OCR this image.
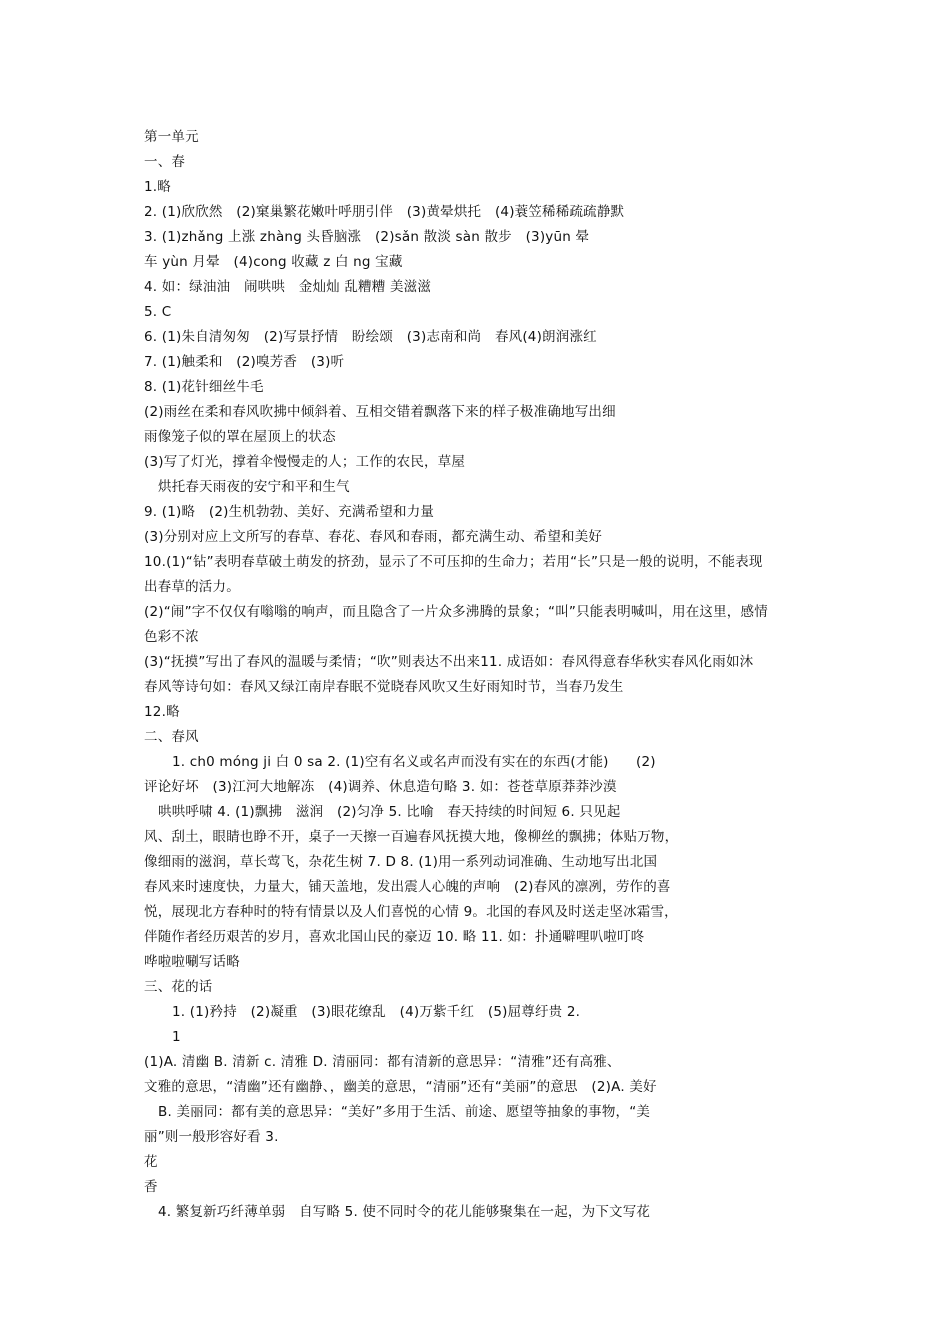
第一单元
一、春
1.略
2. (1)欣欣然　(2)窠巢繁花嫩叶呼朋引伴　(3)黄晕烘托　(4)蓑笠稀稀疏疏静默
3. (1)zhǎng 上涨 zhàng 头昏脑涨　(2)sǎn 散淡 sàn 散步　(3)yūn 晕
车 yùn 月晕　(4)cong 收藏 z 白 ng 宝藏
4. 如：绿油油　闹哄哄　金灿灿 乱糟糟 美滋滋
5. C
6. (1)朱自清匆匆　(2)写景抒情　盼绘颂　(3)志南和尚　春风(4)朗润涨红
7. (1)触柔和　(2)嗅芳香　(3)听
8. (1)花针细丝牛毛
(2)雨丝在柔和春风吹拂中倾斜着、互相交错着飘落下来的样子极准确地写出细
雨像笼子似的罩在屋顶上的状态
(3)写了灯光，撑着伞慢慢走的人；工作的农民，草屋
烘托春天雨夜的安宁和平和生气
9. (1)略　(2)生机勃勃、美好、充满希望和力量
(3)分别对应上文所写的春草、春花、春风和春雨，都充满生动、希望和美好
10.(1)“钻”表明春草破土萌发的挤劲，显示了不可压抑的生命力；若用“长”只是一般的说明，不能表现
出春草的活力。
(2)“闹”字不仅仅有嗡嗡的响声，而且隐含了一片众多沸腾的景象；“叫”只能表明喊叫，用在这里，感情
色彩不浓
(3)“抚摸”写出了春风的温暖与柔情；“吹”则表达不出来11. 成语如：春风得意春华秋实春风化雨如沐
春风等诗句如：春风又绿江南岸春眠不觉晓春风吹又生好雨知时节，当春乃发生
12.略
二、春风
1. ch0 móng ji 白 0 sa 2. (1)空有名义或名声而没有实在的东西(才能)　　(2)
评论好坏　(3)江河大地解冻　(4)调养、休息造句略 3. 如：苍苍草原莽莽沙漠
哄哄呼啸 4. (1)飘拂　滋润　(2)匀净 5. 比喻　春天持续的时间短 6. 只见起
风、刮土，眼睛也睁不开，桌子一天擦一百遍春风抚摸大地，像柳丝的飘拂；体贴万物，
像细雨的滋润，草长莺飞，杂花生树 7. D 8. (1)用一系列动词准确、生动地写出北国
春风来时速度快，力量大，铺天盖地，发出震人心魄的声响　(2)春风的凛冽，劳作的喜
悦，展现北方春种时的特有情景以及人们喜悦的心情 9。北国的春风及时送走坚冰霜雪，
伴随作者经历艰苦的岁月，喜欢北国山民的豪迈 10. 略 11. 如：扑通噼哩叭啦叮咚
哗啦啦唰写话略
三、花的话
1. (1)矜持　(2)凝重　(3)眼花缭乱　(4)万紫千红　(5)屈尊纡贵 2.
1
(1)A. 清幽 B. 清新 c. 清雅 D. 清丽同：都有清新的意思异：“清雅”还有高雅、
文雅的意思，“清幽”还有幽静、，幽美的意思，“清丽”还有“美丽”的意思　(2)A. 美好
B. 美丽同：都有美的意思异：“美好”多用于生活、前途、愿望等抽象的事物，“美
丽”则一般形容好看 3.
花
香
4. 繁复新巧纤薄单弱　自写略 5. 使不同时令的花儿能够聚集在一起，为下文写花
